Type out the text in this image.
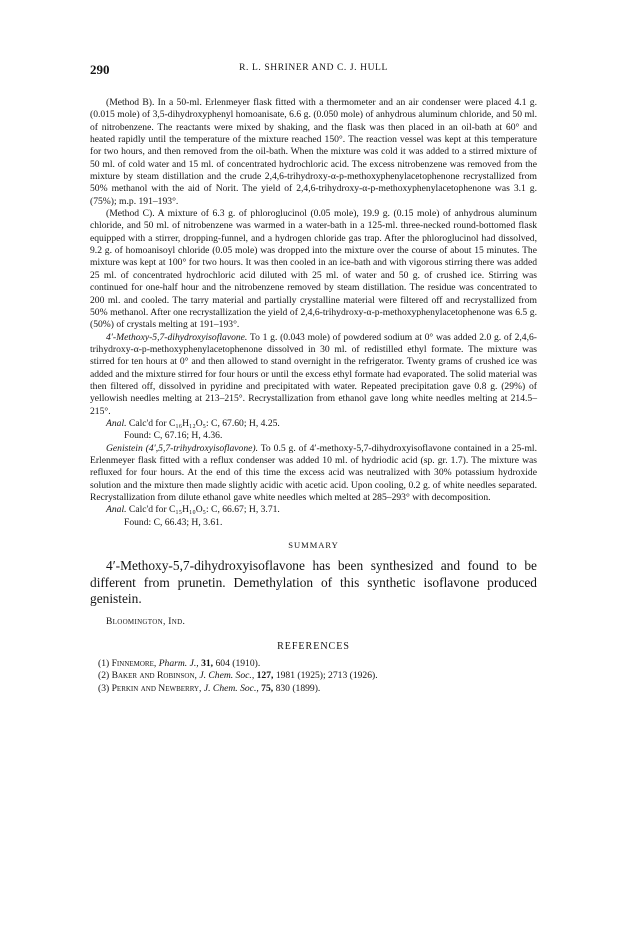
290	R. L. SHRINER AND C. J. HULL

(Method B). In a 50-ml. Erlenmeyer flask fitted with a thermometer and an air condenser were placed 4.1 g. (0.015 mole) of 3,5-dihydroxyphenyl homoanisate, 6.6 g. (0.050 mole) of anhydrous aluminum chloride, and 50 ml. of nitrobenzene. The reactants were mixed by shaking, and the flask was then placed in an oil-bath at 60° and heated rapidly until the temperature of the mixture reached 150°. The reaction vessel was kept at this temperature for two hours, and then removed from the oil-bath. When the mixture was cold it was added to a stirred mixture of 50 ml. of cold water and 15 ml. of concentrated hydrochloric acid. The excess nitrobenzene was removed from the mixture by steam distillation and the crude 2,4,6-trihydroxy-α-p-methoxyphenylacetophenone recrystallized from 50% methanol with the aid of Norit. The yield of 2,4,6-trihydroxy-α-p-methoxyphenylacetophenone was 3.1 g. (75%); m.p. 191–193°.

(Method C). A mixture of 6.3 g. of phloroglucinol (0.05 mole), 19.9 g. (0.15 mole) of anhydrous aluminum chloride, and 50 ml. of nitrobenzene was warmed in a water-bath in a 125-ml. three-necked round-bottomed flask equipped with a stirrer, dropping-funnel, and a hydrogen chloride gas trap. After the phloroglucinol had dissolved, 9.2 g. of homoanisoyl chloride (0.05 mole) was dropped into the mixture over the course of about 15 minutes. The mixture was kept at 100° for two hours. It was then cooled in an ice-bath and with vigorous stirring there was added 25 ml. of concentrated hydrochloric acid diluted with 25 ml. of water and 50 g. of crushed ice. Stirring was continued for one-half hour and the nitrobenzene removed by steam distillation. The residue was concentrated to 200 ml. and cooled. The tarry material and partially crystalline material were filtered off and recrystallized from 50% methanol. After one recrystallization the yield of 2,4,6-trihydroxy-α-p-methoxyphenylacetophenone was 6.5 g. (50%) of crystals melting at 191–193°.

4′-Methoxy-5,7-dihydroxyisoflavone. To 1 g. (0.043 mole) of powdered sodium at 0° was added 2.0 g. of 2,4,6-trihydroxy-α-p-methoxyphenylacetophenone dissolved in 30 ml. of redistilled ethyl formate. The mixture was stirred for ten hours at 0° and then allowed to stand overnight in the refrigerator. Twenty grams of crushed ice was added and the mixture stirred for four hours or until the excess ethyl formate had evaporated. The solid material was then filtered off, dissolved in pyridine and precipitated with water. Repeated precipitation gave 0.8 g. (29%) of yellowish needles melting at 213–215°. Recrystallization from ethanol gave long white needles melting at 214.5–215°.

Anal. Calc'd for C₁₆H₁₂O₅: C, 67.60; H, 4.25.

Found: C, 67.16; H, 4.36.

Genistein (4′,5,7-trihydroxyisoflavone). To 0.5 g. of 4′-methoxy-5,7-dihydroxyisoflavone contained in a 25-ml. Erlenmeyer flask fitted with a reflux condenser was added 10 ml. of hydriodic acid (sp. gr. 1.7). The mixture was refluxed for four hours. At the end of this time the excess acid was neutralized with 30% potassium hydroxide solution and the mixture then made slightly acidic with acetic acid. Upon cooling, 0.2 g. of white needles separated. Recrystallization from dilute ethanol gave white needles which melted at 285–293° with decomposition.

Anal. Calc'd for C₁₅H₁₀O₅: C, 66.67; H, 3.71.

Found: C, 66.43; H, 3.61.

SUMMARY

4′-Methoxy-5,7-dihydroxyisoflavone has been synthesized and found to be different from prunetin. Demethylation of this synthetic isoflavone produced genistein.

Bloomington, Ind.

REFERENCES

(1) Finnemore, Pharm. J., 31, 604 (1910).

(2) Baker and Robinson, J. Chem. Soc., 127, 1981 (1925); 2713 (1926).

(3) Perkin and Newberry, J. Chem. Soc., 75, 830 (1899).
